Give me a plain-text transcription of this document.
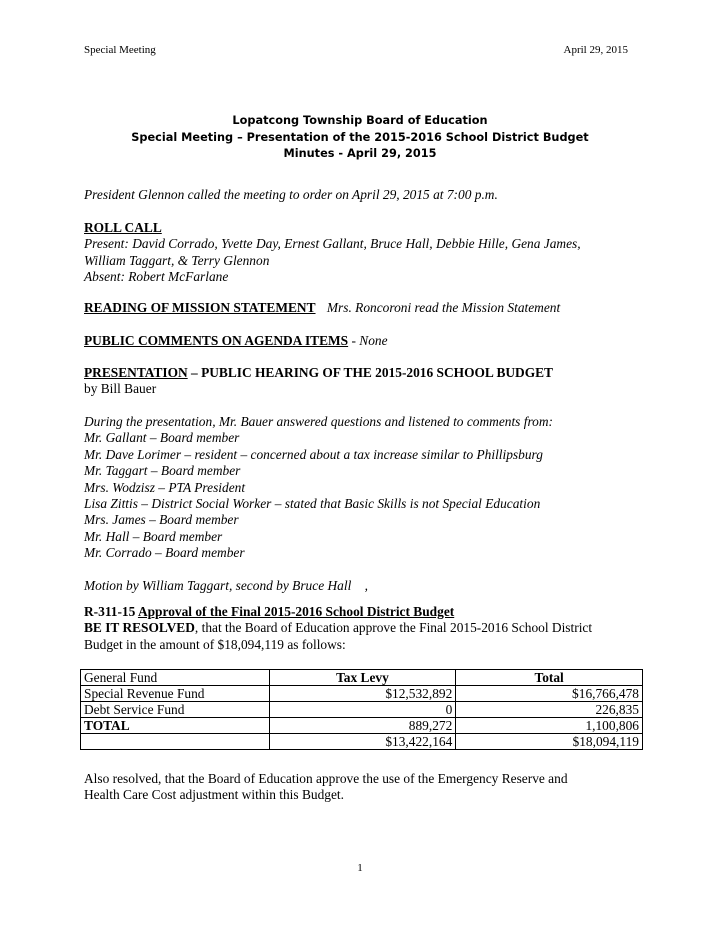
Special Meeting	April 29, 2015
Lopatcong Township Board of Education
Special Meeting – Presentation of the 2015-2016 School District Budget
Minutes - April 29, 2015
President Glennon called the meeting to order on April 29, 2015 at 7:00 p.m.
ROLL CALL
Present: David Corrado, Yvette Day, Ernest Gallant, Bruce Hall, Debbie Hille, Gena James,
William Taggart, & Terry Glennon
Absent: Robert McFarlane
READING OF MISSION STATEMENT Mrs. Roncoroni read the Mission Statement
PUBLIC COMMENTS ON AGENDA ITEMS - None
PRESENTATION – PUBLIC HEARING OF THE 2015-2016 SCHOOL BUDGET
by Bill Bauer
During the presentation, Mr. Bauer answered questions and listened to comments from:
Mr. Gallant – Board member
Mr. Dave Lorimer – resident – concerned about a tax increase similar to Phillipsburg
Mr. Taggart – Board member
Mrs. Wodzisz – PTA President
Lisa Zittis – District Social Worker – stated that Basic Skills is not Special Education
Mrs. James – Board member
Mr. Hall – Board member
Mr. Corrado – Board member
Motion by William Taggart, second by Bruce Hall    ,
R-311-15 Approval of the Final 2015-2016 School District Budget
BE IT RESOLVED, that the Board of Education approve the Final 2015-2016 School District
Budget in the amount of $18,094,119 as follows:
General Fund	Tax Levy	Total
Special Revenue Fund	$12,532,892	$16,766,478
Debt Service Fund	0	226,835
TOTAL	889,272	1,100,806
	$13,422,164	$18,094,119
Also resolved, that the Board of Education approve the use of the Emergency Reserve and
Health Care Cost adjustment within this Budget.
1
